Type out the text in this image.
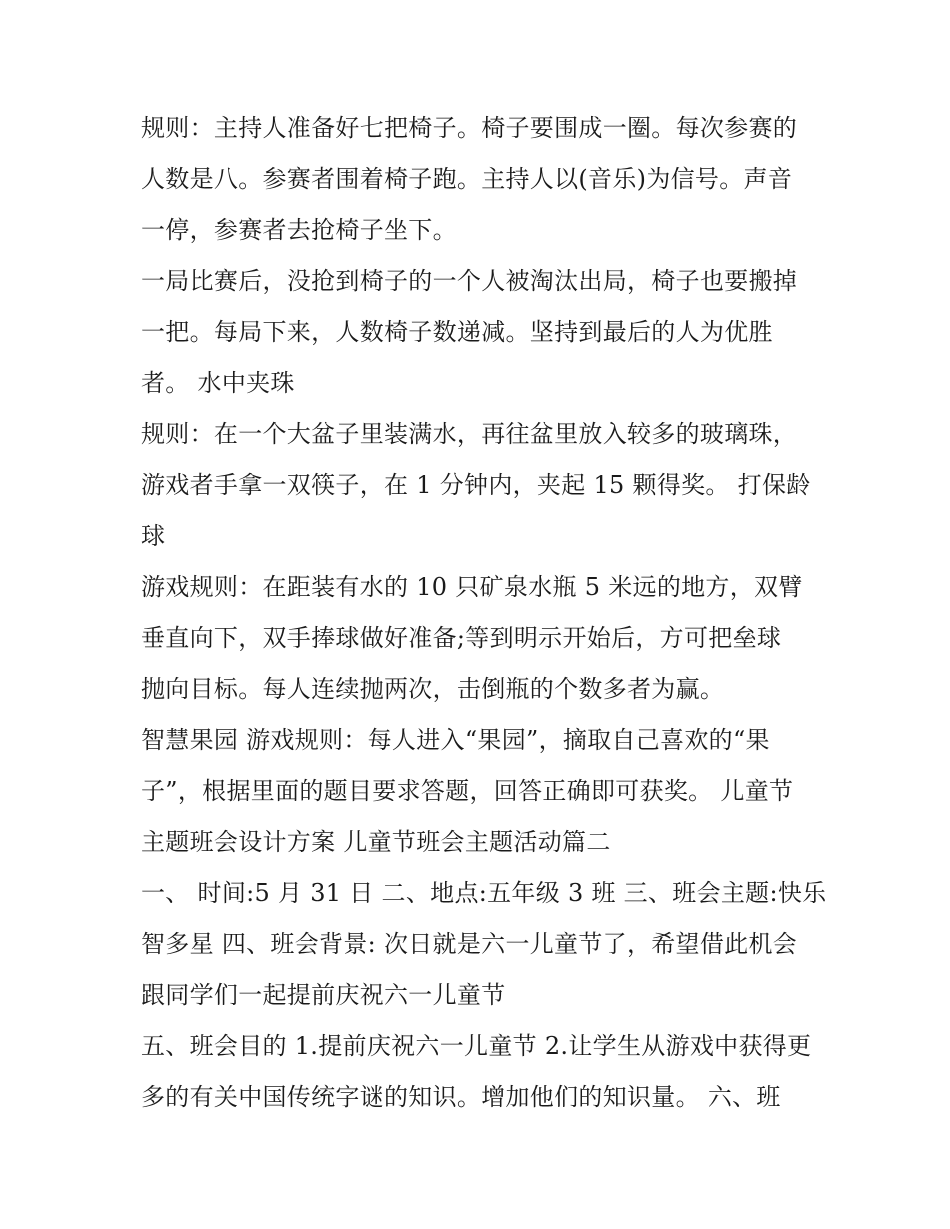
规则：主持人准备好七把椅子。椅子要围成一圈。每次参赛的
人数是八。参赛者围着椅子跑。主持人以(音乐)为信号。声音
一停，参赛者去抢椅子坐下。
一局比赛后，没抢到椅子的一个人被淘汰出局，椅子也要搬掉
一把。每局下来，人数椅子数递减。坚持到最后的人为优胜
者。 水中夹珠
规则：在一个大盆子里装满水，再往盆里放入较多的玻璃珠，
游戏者手拿一双筷子，在 1 分钟内，夹起 15 颗得奖。 打保龄
球
游戏规则：在距装有水的 10 只矿泉水瓶 5 米远的地方，双臂
垂直向下，双手捧球做好准备;等到明示开始后，方可把垒球
抛向目标。每人连续抛两次，击倒瓶的个数多者为赢。
智慧果园 游戏规则：每人进入“果园”，摘取自己喜欢的“果
子”，根据里面的题目要求答题，回答正确即可获奖。 儿童节
主题班会设计方案 儿童节班会主题活动篇二
一、 时间:5 月 31 日 二、地点:五年级 3 班 三、班会主题:快乐
智多星 四、班会背景: 次日就是六一儿童节了，希望借此机会
跟同学们一起提前庆祝六一儿童节
五、班会目的 1.提前庆祝六一儿童节 2.让学生从游戏中获得更
多的有关中国传统字谜的知识。增加他们的知识量。 六、班
